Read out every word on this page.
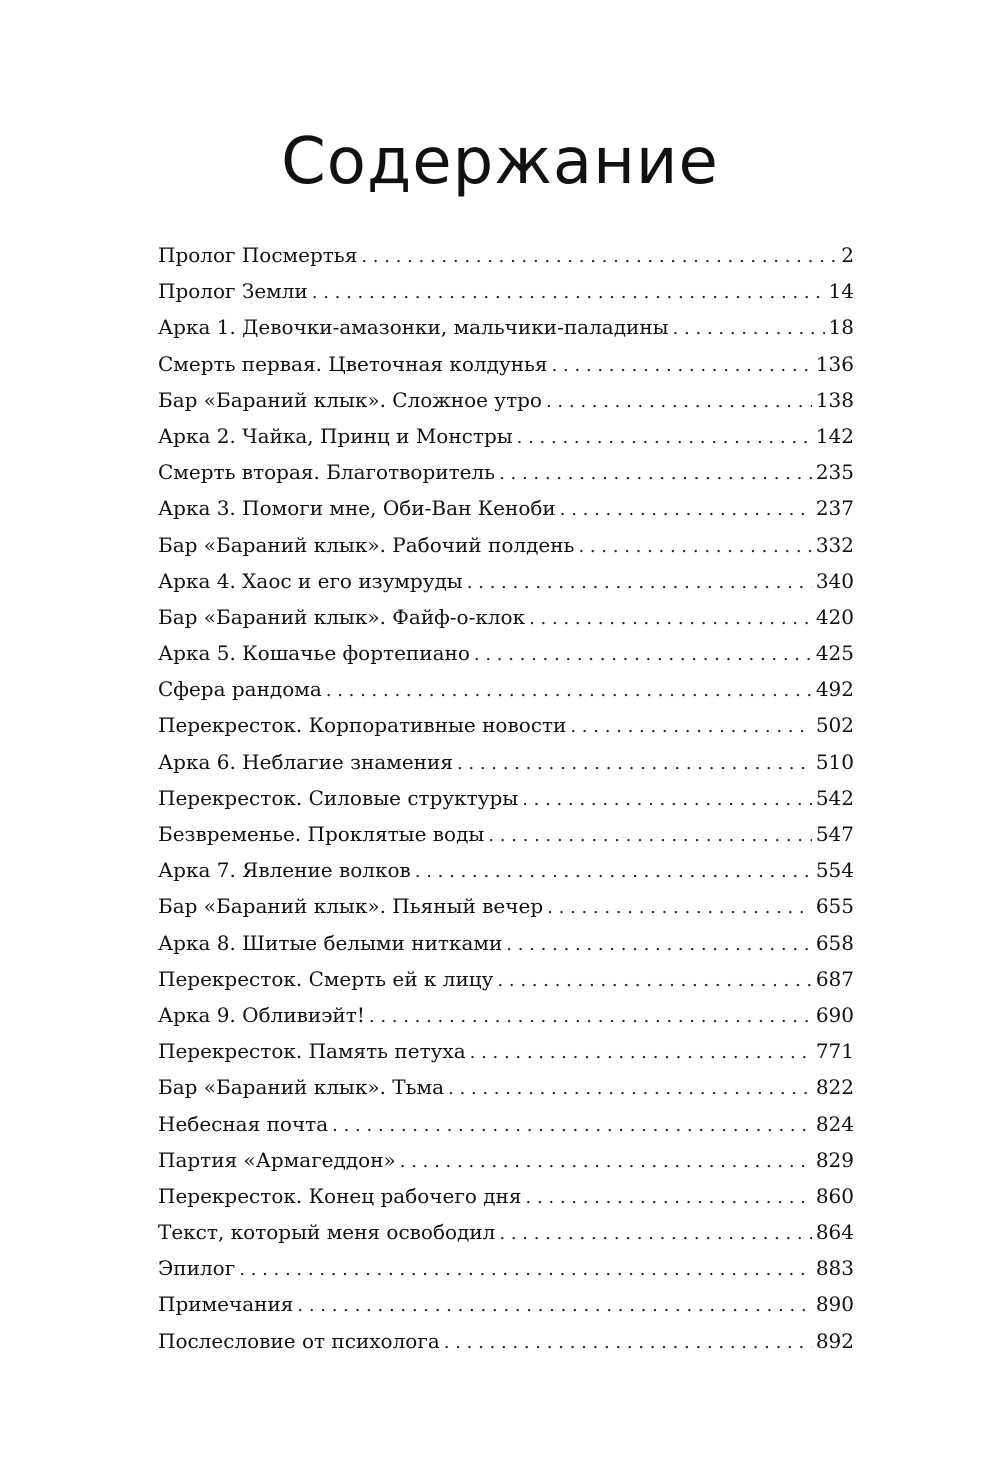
Содержание
Пролог Посмертья . . .	2
Пролог Земли . . .	14
Арка 1. Девочки-амазонки, мальчики-паладины . . .	18
Смерть первая. Цветочная колдунья . . .	136
Бар «Бараний клык». Сложное утро . . .	138
Арка 2. Чайка, Принц и Монстры . . .	142
Смерть вторая. Благотворитель . . .	235
Арка 3. Помоги мне, Оби-Ван Кеноби . . .	237
Бар «Бараний клык». Рабочий полдень . . .	332
Арка 4. Хаос и его изумруды . . .	340
Бар «Бараний клык». Файф-о-клок . . .	420
Арка 5. Кошачье фортепиано . . .	425
Сфера рандома . . .	492
Перекресток. Корпоративные новости . . .	502
Арка 6. Неблагие знамения . . .	510
Перекресток. Силовые структуры . . .	542
Безвременье. Проклятые воды . . .	547
Арка 7. Явление волков . . .	554
Бар «Бараний клык». Пьяный вечер . . .	655
Арка 8. Шитые белыми нитками . . .	658
Перекресток. Смерть ей к лицу . . .	687
Арка 9. Обливиэйт! . . .	690
Перекресток. Память петуха . . .	771
Бар «Бараний клык». Тьма . . .	822
Небесная почта . . .	824
Партия «Армагеддон» . . .	829
Перекресток. Конец рабочего дня . . .	860
Текст, который меня освободил . . .	864
Эпилог . . .	883
Примечания . . .	890
Послесловие от психолога . . .	892
